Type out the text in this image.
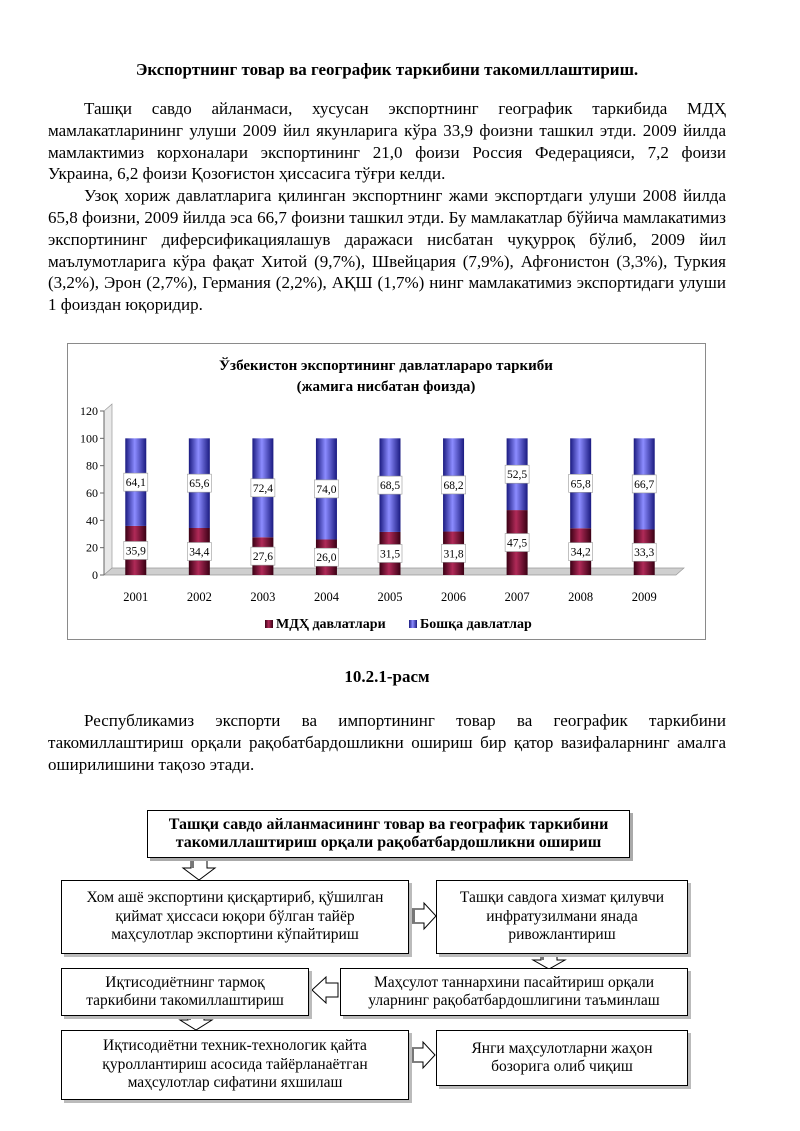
Экспортнинг товар ва географик таркибини такомиллаштириш.

Ташқи савдо айланмаси, хусусан экспортнинг географик таркибида МДҲ мамлакатларининг улуши 2009 йил якунларига кўра 33,9 фоизни ташкил этди. 2009 йилда мамлактимиз корхоналари экспортининг 21,0 фоизи Россия Федерацияси, 7,2 фоизи Украина, 6,2 фоизи Қозоғистон ҳиссасига тўғри келди.

Узоқ хориж давлатларига қилинган экспортнинг жами экспортдаги улуши 2008 йилда 65,8 фоизни, 2009 йилда эса 66,7 фоизни ташкил этди. Бу мамлакатлар бўйича мамлакатимиз экспортининг диферсификациялашув даражаси нисбатан чуқурроқ бўлиб, 2009 йил маълумотларига кўра фақат Хитой (9,7%), Швейцария (7,9%), Афғонистон (3,3%), Туркия (3,2%), Эрон (2,7%), Германия (2,2%), АҚШ (1,7%) нинг мамлакатимиз экспортидаги улуши 1 фоиздан юқоридир.

Ўзбекистон экспортининг давлатлараро таркиби
(жамига нисбатан фоизда)
0
20
40
60
80
100
120
35,9
64,1
2001
34,4
65,6
2002
27,6
72,4
2003
26,0
74,0
2004
31,5
68,5
2005
31,8
68,2
2006
47,5
52,5
2007
34,2
65,8
2008
33,3
66,7
2009
МДҲ давлатлари Бошқа давлатлар
10.2.1-расм

Республикамиз экспорти ва импортининг товар ва географик таркибини такомиллаштириш орқали рақобатбардошликни ошириш бир қатор вазифаларнинг амалга оширилишини тақозо этади.

Ташқи савдо айланмасининг товар ва географик таркибини
такомиллаштириш орқали рақобатбардошликни ошириш
Хом ашё экспортини қисқартириб, қўшилган
қиймат ҳиссаси юқори бўлган тайёр
маҳсулотлар экспортини кўпайтириш
Ташқи савдога хизмат қилувчи
инфратузилмани янада
ривожлантириш
Иқтисодиётнинг тармоқ
таркибини такомиллаштириш
Маҳсулот таннархини пасайтириш орқали
уларнинг рақобатбардошлигини таъминлаш
Иқтисодиётни техник-технологик қайта
қуроллантириш асосида тайёрланаётган
маҳсулотлар сифатини яхшилаш
Янги маҳсулотларни жаҳон
бозорига олиб чиқиш
